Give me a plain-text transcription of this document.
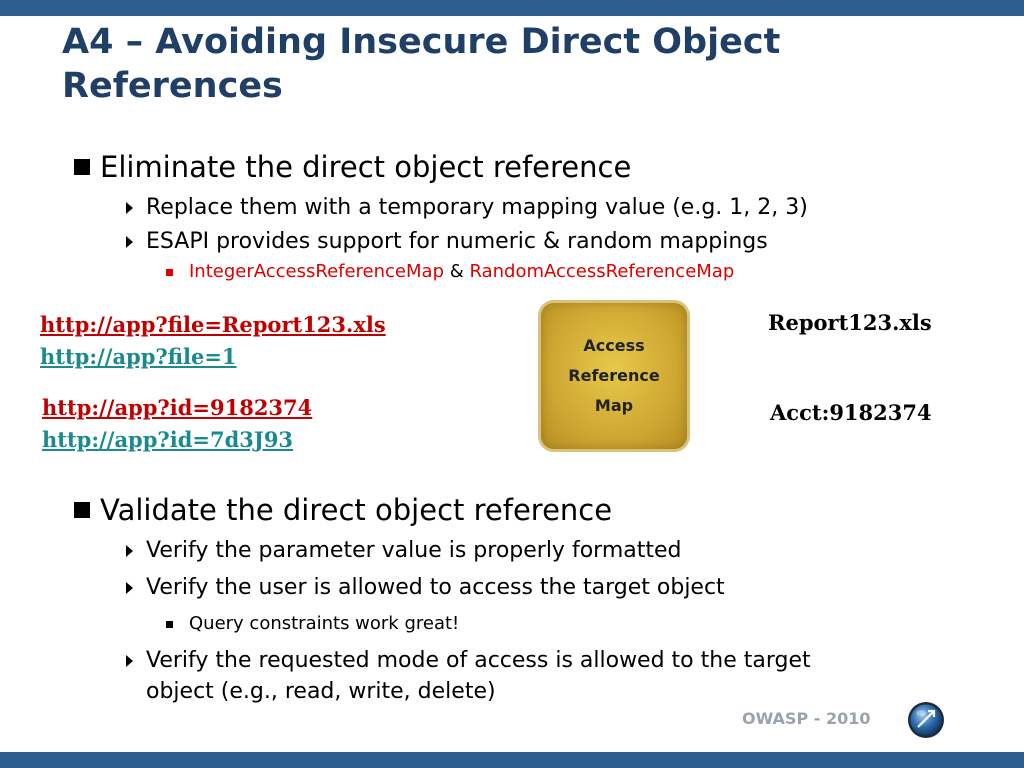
A4 – Avoiding Insecure Direct Object References
Eliminate the direct object reference
Replace them with a temporary mapping value (e.g. 1, 2, 3)
ESAPI provides support for numeric & random mappings
IntegerAccessReferenceMap & RandomAccessReferenceMap
http://app?file=Report123.xls
http://app?file=1
http://app?id=9182374
http://app?id=7d3J93
Access
Reference
Map
Report123.xls
Acct:9182374
Validate the direct object reference
Verify the parameter value is properly formatted
Verify the user is allowed to access the target object
Query constraints work great!
Verify the requested mode of access is allowed to the target
object (e.g., read, write, delete)
OWASP - 2010
